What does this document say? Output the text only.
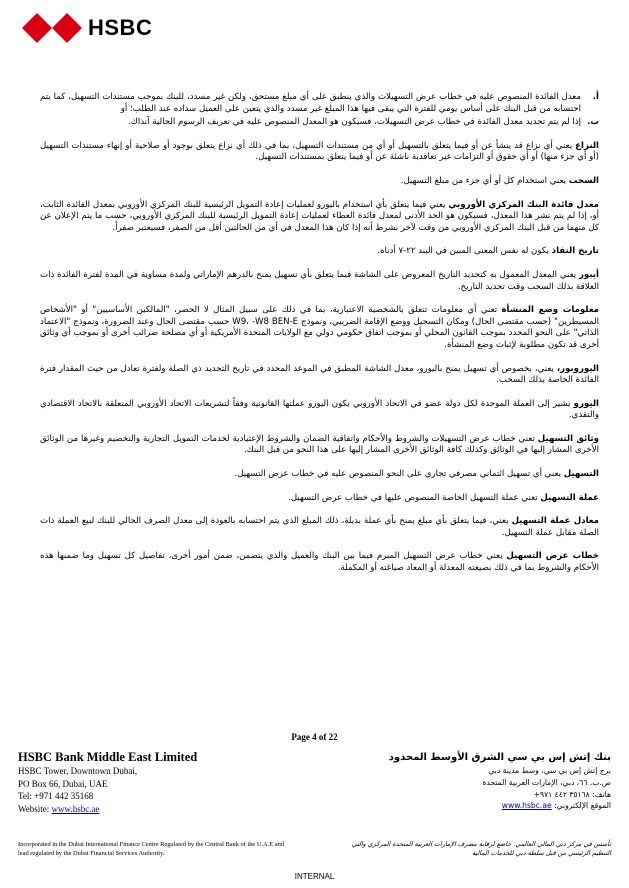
HSBC
أ.
معدل الفائدة المنصوص عليه في خطاب عرض التسهيلات والذي ينطبق على أي مبلغ مستحق، ولكن غير مسدد، للبنك بموجب مستندات التسهيل، كما يتم احتسابه من قبل البنك على أساس يومي للفترة التي يبقى فيها هذا المبلغ غير مسدد والذي يتعين على العميل سداده عند الطلب؛ أو
ب.
إذا لم يتم تحديد معدل الفائدة في خطاب عرض التسهيلات، فسيكون هو المعدل المنصوص عليه في تعريف الرسوم الحالية آنذاك.

النزاع يعني أي نزاع قد ينشأ عن أو فيما يتعلق بالتسهيل أو أي من مستندات التسهيل، بما في ذلك أي نزاع يتعلق بوجود أو صلاحية أو إنهاء مستندات التسهيل (أو أي جزء منها) أو أي حقوق أو التزامات غير تعاقدية ناشئة عن أو فيما يتعلق بمستندات التسهيل.

السحب يعني استخدام كل أو أي جزء من مبلغ التسهيل.

معدل فائدة البنك المركزي الأوروبي يعني فيما يتعلق بأي استخدام باليورو لعمليات إعادة التمويل الرئيسية للبنك المركزي الأوروبي بمعدل الفائدة الثابت، أو، إذا لم يتم نشر هذا المعدل، فسيكون هو الحد الأدنى لمعدل فائدة العطاء لعمليات إعادة التمويل الرئيسية للبنك المركزي الأوروبي، حسب ما يتم الإعلان عن كل منهما من قبل البنك المركزي الأوروبي من وقت لآخر بشرط أنه إذا كان هذا المعدل في أي من الحالتين أقل من الصفر، فسيعتبر صفراً.

تاريخ النفاذ يكون له نفس المعنى المبين في البند ٢٢-٧ أدناه.

أيبور يعني المعدل المعمول به كتحديد التاريخ المعروض على الشاشة فيما يتعلق بأي تسهيل يمنح بالدرهم الإماراتي ولمدة مساوية في المدة لفترة الفائدة ذات العلاقة بذلك السحب وقت تحديد التاريخ.

معلومات وضع المنشأة تعني أي معلومات تتعلق بالشخصية الاعتبارية، بما في ذلك على سبيل المثال لا الحصر، "المالكين الأساسيين" أو "الأشخاص المسيطرين" (حسب مقتضى الحال) ومكان التسجيل ووضع الإقامة الضريبي، ونموذج W9، -W8 BEN-E حسب مقتضى الحال وعند الضرورة، ونموذج "الاعتماد الذاتي" على النحو المحدد بموجب القانون المحلي أو بموجب اتفاق حكومي دولي مع الولايات المتحدة الأمريكية أو أي مصلحة ضرائب أخرى أو بموجب أي وثائق أخرى قد تكون مطلوبة لإثبات وضع المنشأة.

اليوروبور، يعني، بخصوص أي تسهيل يمنح باليورو، معدل الشاشة المطبق في الموعد المحدد في تاريخ التحديد ذي الصلة ولفترة تعادل من حيث المقدار فترة الفائدة الخاصة بذلك السحب.

اليورو يشير إلى العملة الموحدة لكل دولة عضو في الاتحاد الأوروبي يكون اليورو عملتها القانونية وفقاً لتشريعات الاتحاد الأوروبي المتعلقة بالاتحاد الاقتصادي والنقدي.

وثائق التسهيل تعني خطاب عرض التسهيلات والشروط والأحكام واتفاقية الضمان والشروط الإعتيادية لخدمات التمويل التجارية والتخصيم وغيرها من الوثائق الأخرى المشار إليها في الوثائق وكذلك كافة الوثائق الأخرى المشار إليها على هذا النحو من قبل البنك.

التسهيل يعني أي تسهيل ائتماني مصرفي تجاري على النحو المنصوص عليه في خطاب عرض التسهيل.

عملة التسهيل تعني عملة التسهيل الخاصة المنصوص عليها في خطاب عرض التسهيل.

معادل عملة التسهيل يعني، فيما يتعلق بأي مبلغ يمنح بأي عملة بديلة، ذلك المبلغ الذي يتم احتسابه بالعودة إلى معدل الصرف الحالي للبنك لبيع العملة ذات الصلة مقابل عملة التسهيل.

خطاب عرض التسهيل يعني خطاب عرض التسهيل المبرم فيما بين البنك والعميل والذي يتضمن، ضمن أمور أخرى، تفاصيل كل تسهيل وما ضمنها هذه الأحكام والشروط بما في ذلك بصيغته المعدلة أو المعاد صياغته أو المكملة.

Page 4 of 22
HSBC Bank Middle East Limited
HSBC Tower, Downtown Dubai,
PO Box 66, Dubai, UAE
Tel: +971 442 35168
Website: www.hsbc.ae
بنك إتش إس بي سي الشرق الأوسط المحدود
برج إتش إس بي سي، وسط مدينة دبي
ص.ب. ٦٦، دبي، الإمارات العربية المتحدة
هاتف: ٣٥١٦٨ ٤٤٢ ٩٧١+
الموقع الإلكتروني: www.hsbc.ae
Incorporated in the Dubai International Finance Centre Regulated by the Central Bank of the U.A.E and lead regulated by the Dubai Financial Services Authority.
تأسس في مركز دبي المالي العالمي. خاضع لرقابة مصرف الإمارات العربية المتحدة المركزي والتي التنظيم الرئيسي من قبل سلطة دبي للخدمات المالية
INTERNAL
